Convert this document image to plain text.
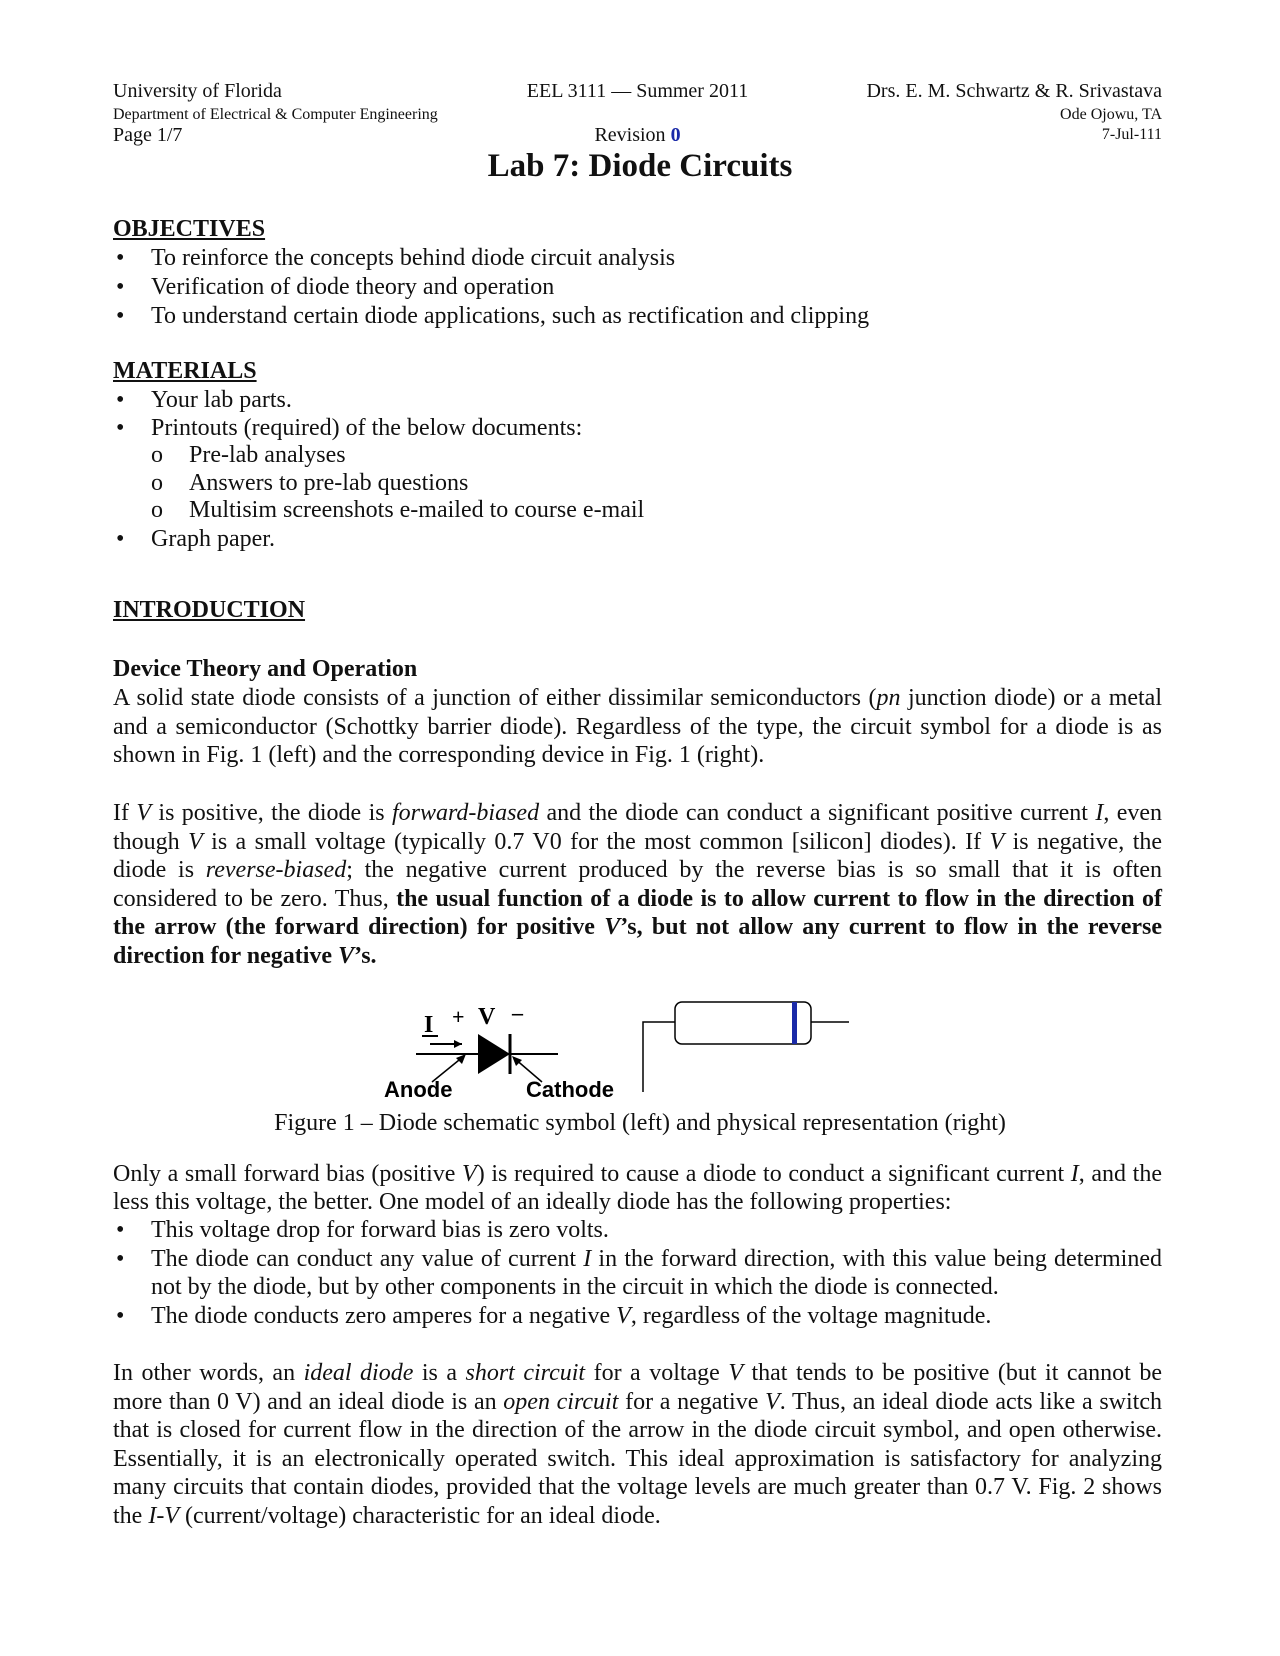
University of Florida	EEL 3111 — Summer 2011	Drs. E. M. Schwartz & R. Srivastava
Department of Electrical & Computer Engineering	Ode Ojowu, TA
Page 1/7	Revision 0	7-Jul-111
Lab 7: Diode Circuits
OBJECTIVES
• To reinforce the concepts behind diode circuit analysis
• Verification of diode theory and operation
• To understand certain diode applications, such as rectification and clipping
MATERIALS
• Your lab parts.
• Printouts (required) of the below documents:
o Pre-lab analyses
o Answers to pre-lab questions
o Multisim screenshots e-mailed to course e-mail
• Graph paper.
INTRODUCTION
Device Theory and Operation

A solid state diode consists of a junction of either dissimilar semiconductors (pn junction diode) or a metal and a semiconductor (Schottky barrier diode). Regardless of the type, the circuit symbol for a diode is as shown in Fig. 1 (left) and the corresponding device in Fig. 1 (right).

If V is positive, the diode is forward-biased and the diode can conduct a significant positive current I, even though V is a small voltage (typically 0.7 V0 for the most common [silicon] diodes). If V is negative, the diode is reverse-biased; the negative current produced by the reverse bias is so small that it is often considered to be zero. Thus, the usual function of a diode is to allow current to flow in the direction of the arrow (the forward direction) for positive V’s, but not allow any current to flow in the reverse direction for negative V’s.

I + V –
Anode	Cathode
Figure 1 – Diode schematic symbol (left) and physical representation (right)

Only a small forward bias (positive V) is required to cause a diode to conduct a significant current I, and the less this voltage, the better. One model of an ideally diode has the following properties:

• This voltage drop for forward bias is zero volts.
• The diode can conduct any value of current I in the forward direction, with this value being determined not by the diode, but by other components in the circuit in which the diode is connected.
• The diode conducts zero amperes for a negative V, regardless of the voltage magnitude.

In other words, an ideal diode is a short circuit for a voltage V that tends to be positive (but it cannot be more than 0 V) and an ideal diode is an open circuit for a negative V. Thus, an ideal diode acts like a switch that is closed for current flow in the direction of the arrow in the diode circuit symbol, and open otherwise. Essentially, it is an electronically operated switch. This ideal approximation is satisfactory for analyzing many circuits that contain diodes, provided that the voltage levels are much greater than 0.7 V. Fig. 2 shows the I-V (current/voltage) characteristic for an ideal diode.
